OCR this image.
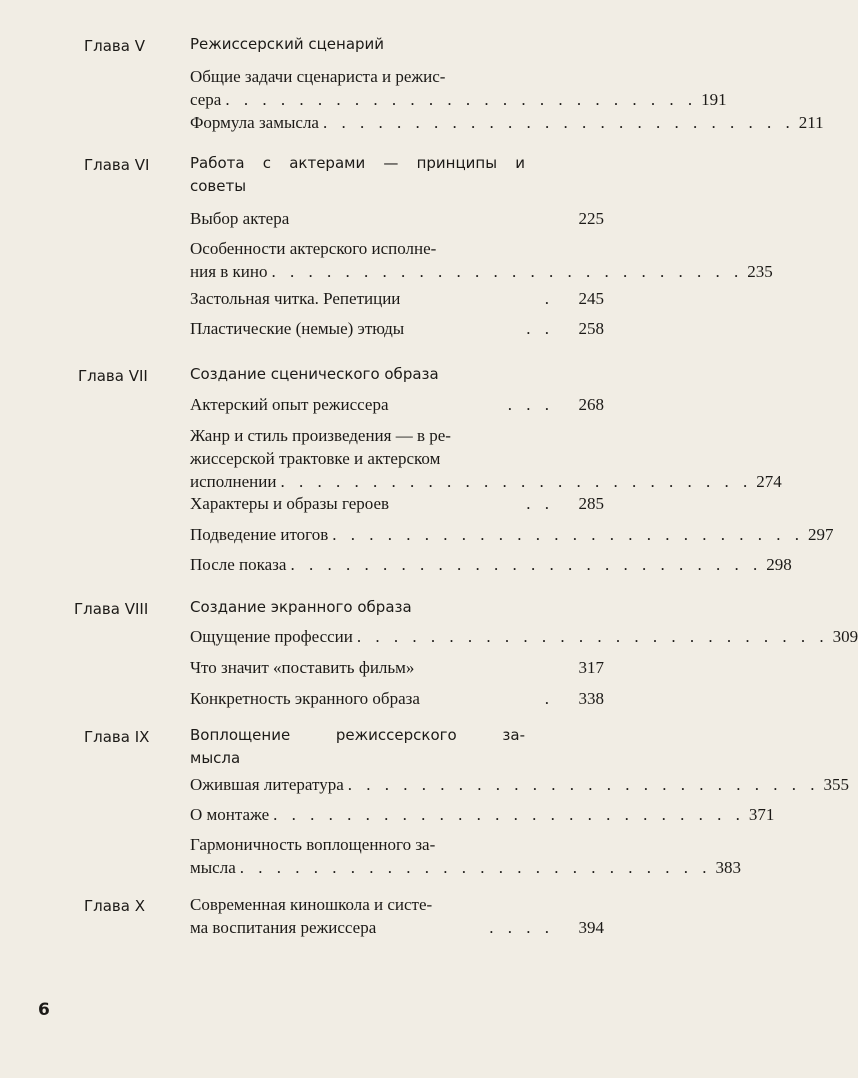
Глава V	Режиссерский сценарий
Общие задачи сценариста и режис-
сера . . . . . . . . . . . . . . . . . . . . . . . . . . 191
Формула замысла . . . . . . . . . . . . . . . . . . . . . . . . . . 211
Глава VI	Работа с актерами — принципы и
советы
Выбор актера	225
Особенности актерского исполне-
ния в кино . . . . . . . . . . . . . . . . . . . . . . . . . . 235
Застольная читка. Репетиции	.	245
Пластические (немые) этюды	. .	258
Глава VII	Создание сценического образа
Актерский опыт режиссера	. . .	268
Жанр и стиль произведения — в ре-
жиссерской трактовке и актерском
исполнении . . . . . . . . . . . . . . . . . . . . . . . . . . 274
Характеры и образы героев	. .	285
Подведение итогов . . . . . . . . . . . . . . . . . . . . . . . . . . 297
После показа . . . . . . . . . . . . . . . . . . . . . . . . . . 298
Глава VIII	Создание экранного образа
Ощущение профессии . . . . . . . . . . . . . . . . . . . . . . . . . . 309
Что значит «поставить фильм»	317
Конкретность экранного образа	.	338
Глава IX	Воплощение режиссерского за-
мысла
Ожившая литература . . . . . . . . . . . . . . . . . . . . . . . . . . 355
О монтаже . . . . . . . . . . . . . . . . . . . . . . . . . . 371
Гармоничность воплощенного за-
мысла . . . . . . . . . . . . . . . . . . . . . . . . . . 383
Глава X	Современная кинoшкола и систе-
ма воспитания режиссера	. . . .	394
6
